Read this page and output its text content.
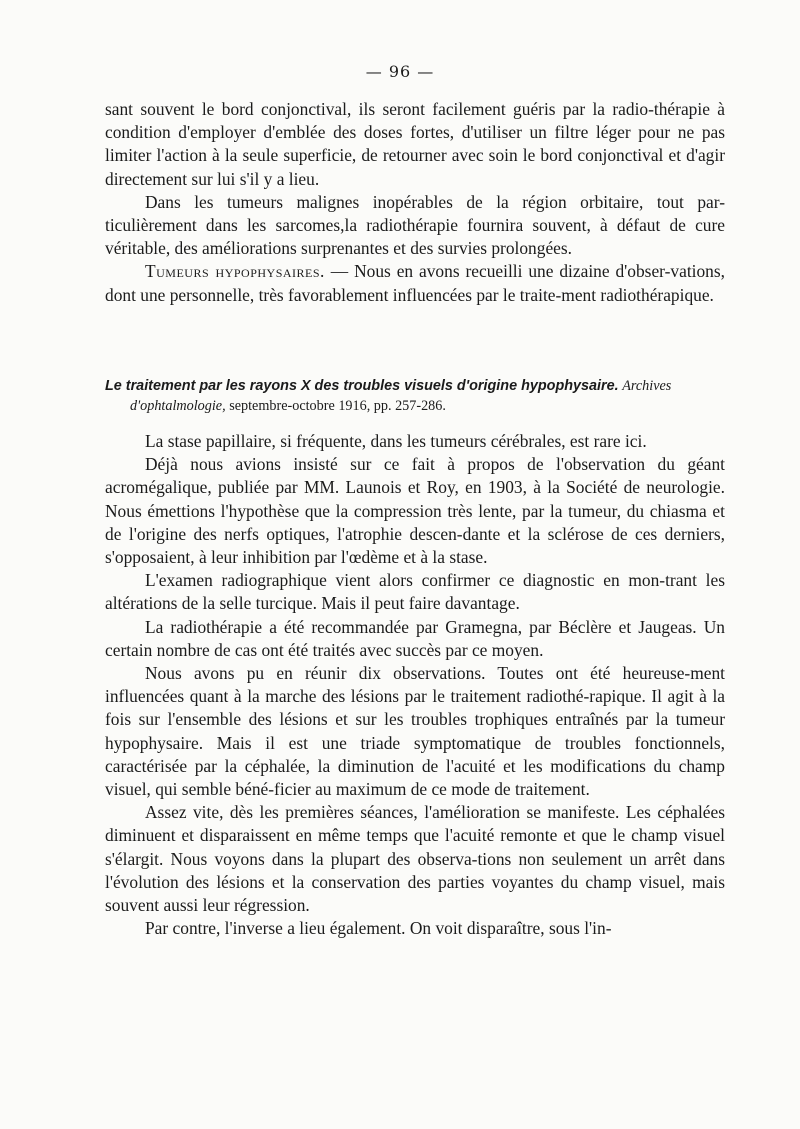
— 96 —

sant souvent le bord conjonctival, ils seront facilement guéris par la radio-thérapie à condition d'employer d'emblée des doses fortes, d'utiliser un filtre léger pour ne pas limiter l'action à la seule superficie, de retourner avec soin le bord conjonctival et d'agir directement sur lui s'il y a lieu.

Dans les tumeurs malignes inopérables de la région orbitaire, tout par-ticulièrement dans les sarcomes,la radiothérapie fournira souvent, à défaut de cure véritable, des améliorations surprenantes et des survies prolongées.

Tumeurs hypophysaires. — Nous en avons recueilli une dizaine d'obser-vations, dont une personnelle, très favorablement influencées par le traite-ment radiothérapique.

Le traitement par les rayons X des troubles visuels d'origine hypophysaire. Archives
d'ophtalmologie, septembre-octobre 1916, pp. 257-286.

La stase papillaire, si fréquente, dans les tumeurs cérébrales, est rare ici.

Déjà nous avions insisté sur ce fait à propos de l'observation du géant acromégalique, publiée par MM. Launois et Roy, en 1903, à la Société de neurologie. Nous émettions l'hypothèse que la compression très lente, par la tumeur, du chiasma et de l'origine des nerfs optiques, l'atrophie descen-dante et la sclérose de ces derniers, s'opposaient, à leur inhibition par l'œdème et à la stase.

L'examen radiographique vient alors confirmer ce diagnostic en mon-trant les altérations de la selle turcique. Mais il peut faire davantage.

La radiothérapie a été recommandée par Gramegna, par Béclère et Jaugeas. Un certain nombre de cas ont été traités avec succès par ce moyen.

Nous avons pu en réunir dix observations. Toutes ont été heureuse-ment influencées quant à la marche des lésions par le traitement radiothé-rapique. Il agit à la fois sur l'ensemble des lésions et sur les troubles trophiques entraînés par la tumeur hypophysaire. Mais il est une triade symptomatique de troubles fonctionnels, caractérisée par la céphalée, la diminution de l'acuité et les modifications du champ visuel, qui semble béné-ficier au maximum de ce mode de traitement.

Assez vite, dès les premières séances, l'amélioration se manifeste. Les céphalées diminuent et disparaissent en même temps que l'acuité remonte et que le champ visuel s'élargit. Nous voyons dans la plupart des observa-tions non seulement un arrêt dans l'évolution des lésions et la conservation des parties voyantes du champ visuel, mais souvent aussi leur régression.

Par contre, l'inverse a lieu également. On voit disparaître, sous l'in-
